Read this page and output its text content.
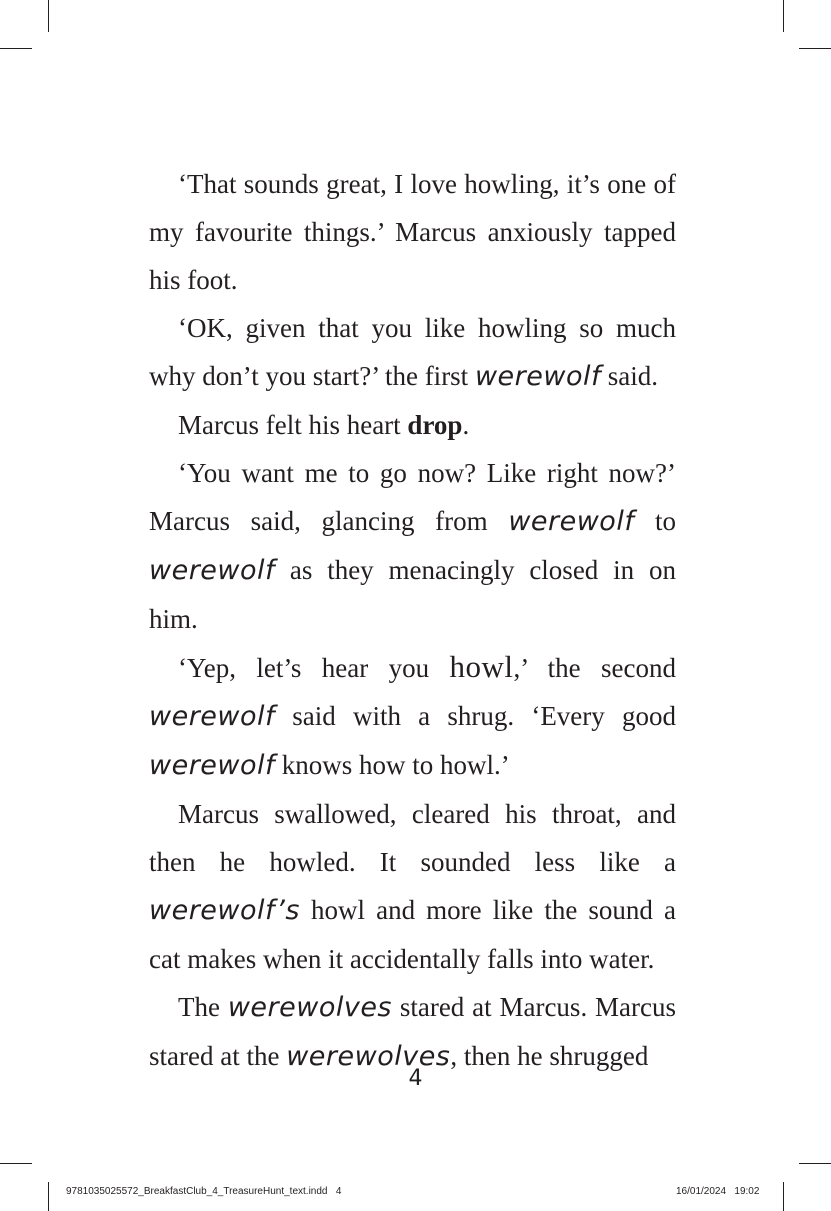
‘That sounds great, I love howling, it’s one of my favourite things.’ Marcus anxiously tapped his foot.

‘OK, given that you like howling so much why don’t you start?’ the first werewolf said.

Marcus felt his heart drop.

‘You want me to go now? Like right now?’ Marcus said, glancing from werewolf to werewolf as they menacingly closed in on him.

‘Yep, let’s hear you howl,’ the second werewolf said with a shrug. ‘Every good werewolf knows how to howl.’

Marcus swallowed, cleared his throat, and then he howled. It sounded less like a werewolf’s howl and more like the sound a cat makes when it accidentally falls into water.

The werewolves stared at Marcus. Marcus stared at the werewolves, then he shrugged

4
9781035025572_BreakfastClub_4_TreasureHunt_text.indd   4	16/01/2024   19:02
